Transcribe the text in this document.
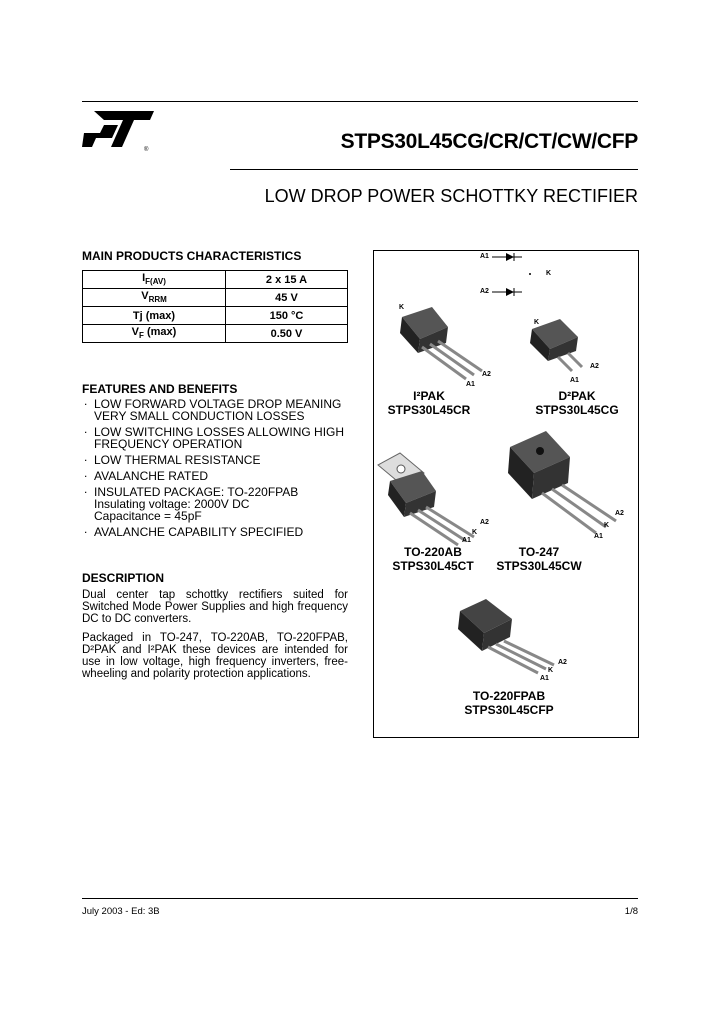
®	STPS30L45CG/CR/CT/CW/CFP
LOW DROP POWER SCHOTTKY RECTIFIER
MAIN PRODUCTS CHARACTERISTICS
$I_{F(AV)}$	2 x 15 A
$V_{RRM}$	45 V
Tj (max)	150 °C
$V_F$ (max)	0.50 V
FEATURES AND BENEFITS
. LOW FORWARD VOLTAGE DROP MEANING VERY SMALL CONDUCTION LOSSES
. LOW SWITCHING LOSSES ALLOWING HIGH FREQUENCY OPERATION
. LOW THERMAL RESISTANCE
. AVALANCHE RATED
. INSULATED PACKAGE: TO-220FPAB
Insulating voltage: 2000V DC
Capacitance = 45pF
. AVALANCHE CAPABILITY SPECIFIED
DESCRIPTION
Dual center tap schottky rectifiers suited for Switched Mode Power Supplies and high frequency DC to DC converters.
Packaged in TO-247, TO-220AB, TO-220FPAB, D²PAK and I²PAK these devices are intended for use in low voltage, high frequency inverters, free-wheeling and polarity protection applications.
A1
K
A2
K
A2
A1
I²PAK
STPS30L45CR
K
A2
A1
D²PAK
STPS30L45CG
A2
K
A1
TO-220AB
STPS30L45CT
A2
K
A1
TO-247
STPS30L45CW
A2
K
A1
TO-220FPAB
STPS30L45CFP
July 2003 - Ed: 3B	1/8
